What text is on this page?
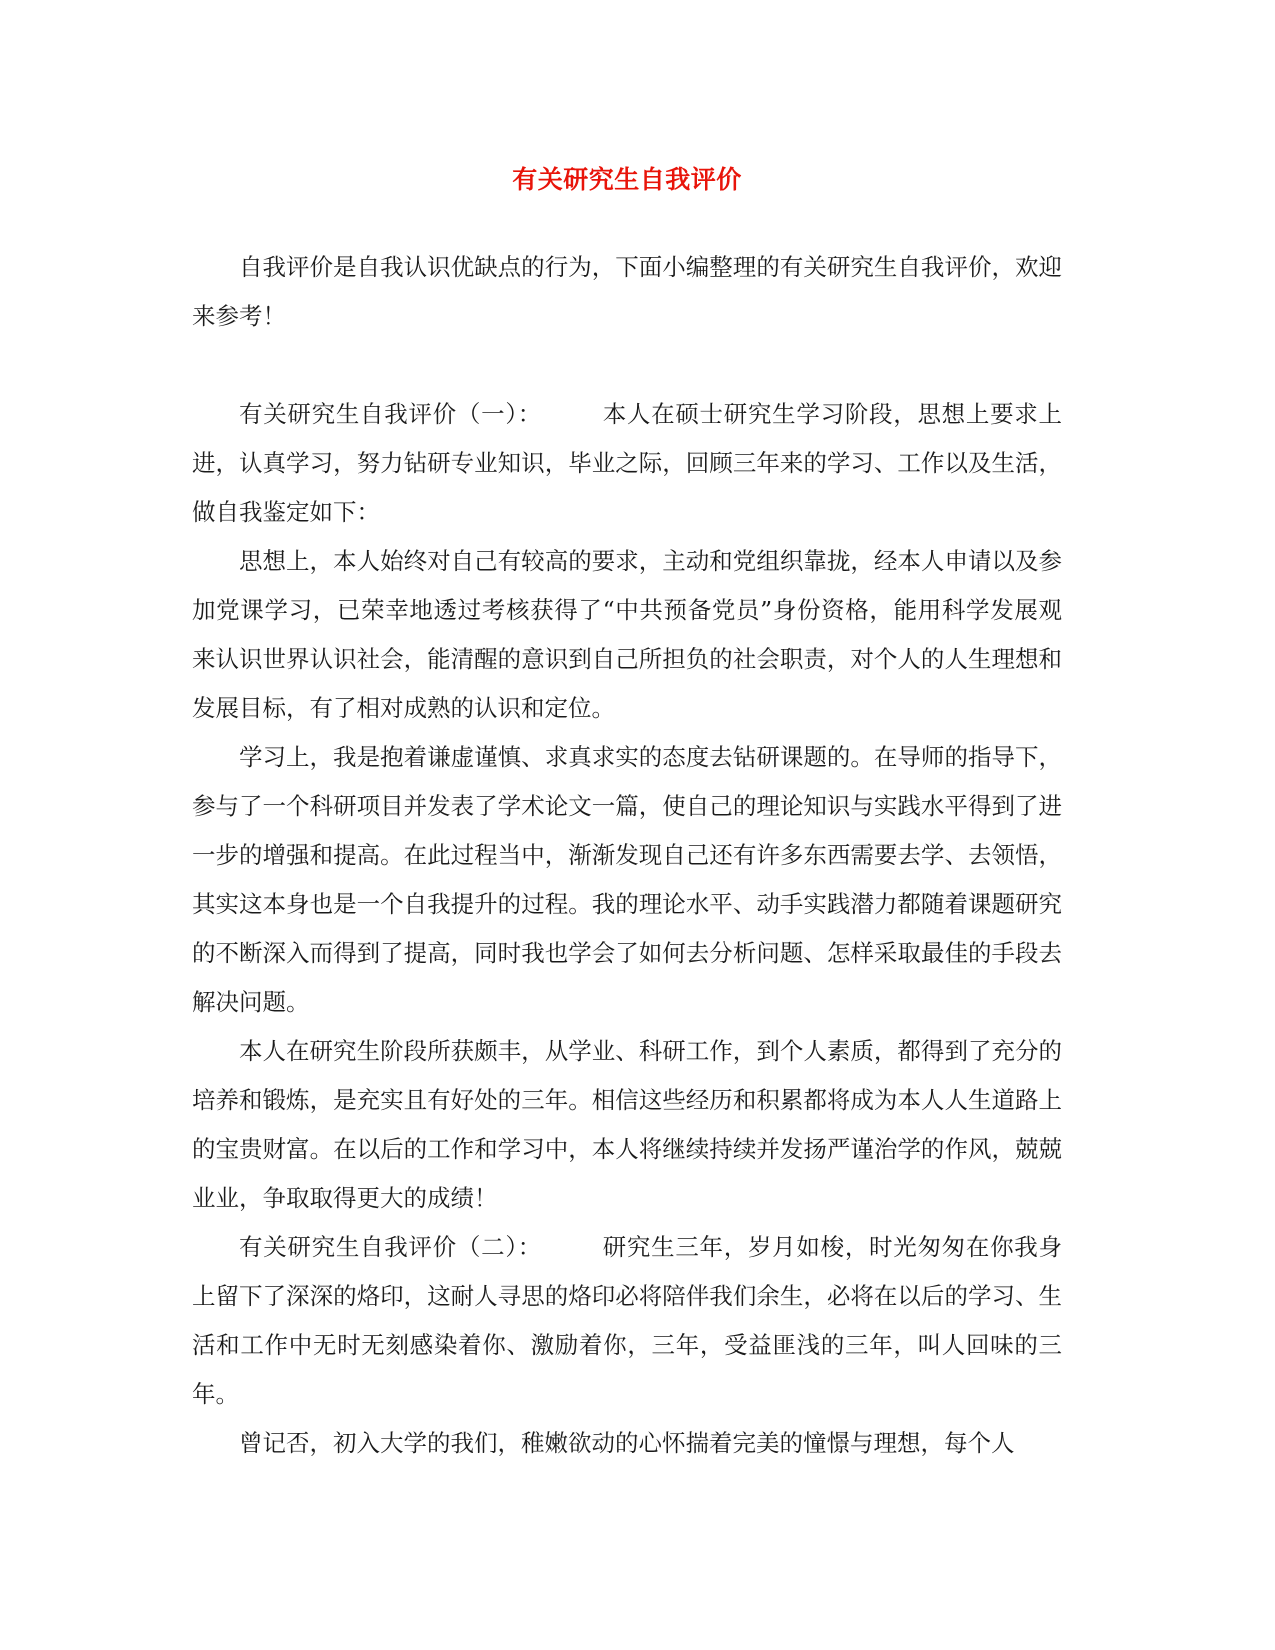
有关研究生自我评价

自我评价是自我认识优缺点的行为，下面小编整理的有关研究生自我评价，欢迎来参考！

有关研究生自我评价（一）：	本人在硕士研究生学习阶段，思想上要求上进，认真学习，努力钻研专业知识，毕业之际，回顾三年来的学习、工作以及生活，做自我鉴定如下：

思想上，本人始终对自己有较高的要求，主动和党组织靠拢，经本人申请以及参加党课学习，已荣幸地透过考核获得了“中共预备党员”身份资格，能用科学发展观来认识世界认识社会，能清醒的意识到自己所担负的社会职责，对个人的人生理想和发展目标，有了相对成熟的认识和定位。

学习上，我是抱着谦虚谨慎、求真求实的态度去钻研课题的。在导师的指导下，参与了一个科研项目并发表了学术论文一篇，使自己的理论知识与实践水平得到了进一步的增强和提高。在此过程当中，渐渐发现自己还有许多东西需要去学、去领悟，其实这本身也是一个自我提升的过程。我的理论水平、动手实践潜力都随着课题研究的不断深入而得到了提高，同时我也学会了如何去分析问题、怎样采取最佳的手段去解决问题。

本人在研究生阶段所获颇丰，从学业、科研工作，到个人素质，都得到了充分的培养和锻炼，是充实且有好处的三年。相信这些经历和积累都将成为本人人生道路上的宝贵财富。在以后的工作和学习中，本人将继续持续并发扬严谨治学的作风，兢兢业业，争取取得更大的成绩！

有关研究生自我评价（二）：	研究生三年，岁月如梭，时光匆匆在你我身上留下了深深的烙印，这耐人寻思的烙印必将陪伴我们余生，必将在以后的学习、生活和工作中无时无刻感染着你、激励着你，三年，受益匪浅的三年，叫人回味的三年。

曾记否，初入大学的我们，稚嫩欲动的心怀揣着完美的憧憬与理想，每个人
